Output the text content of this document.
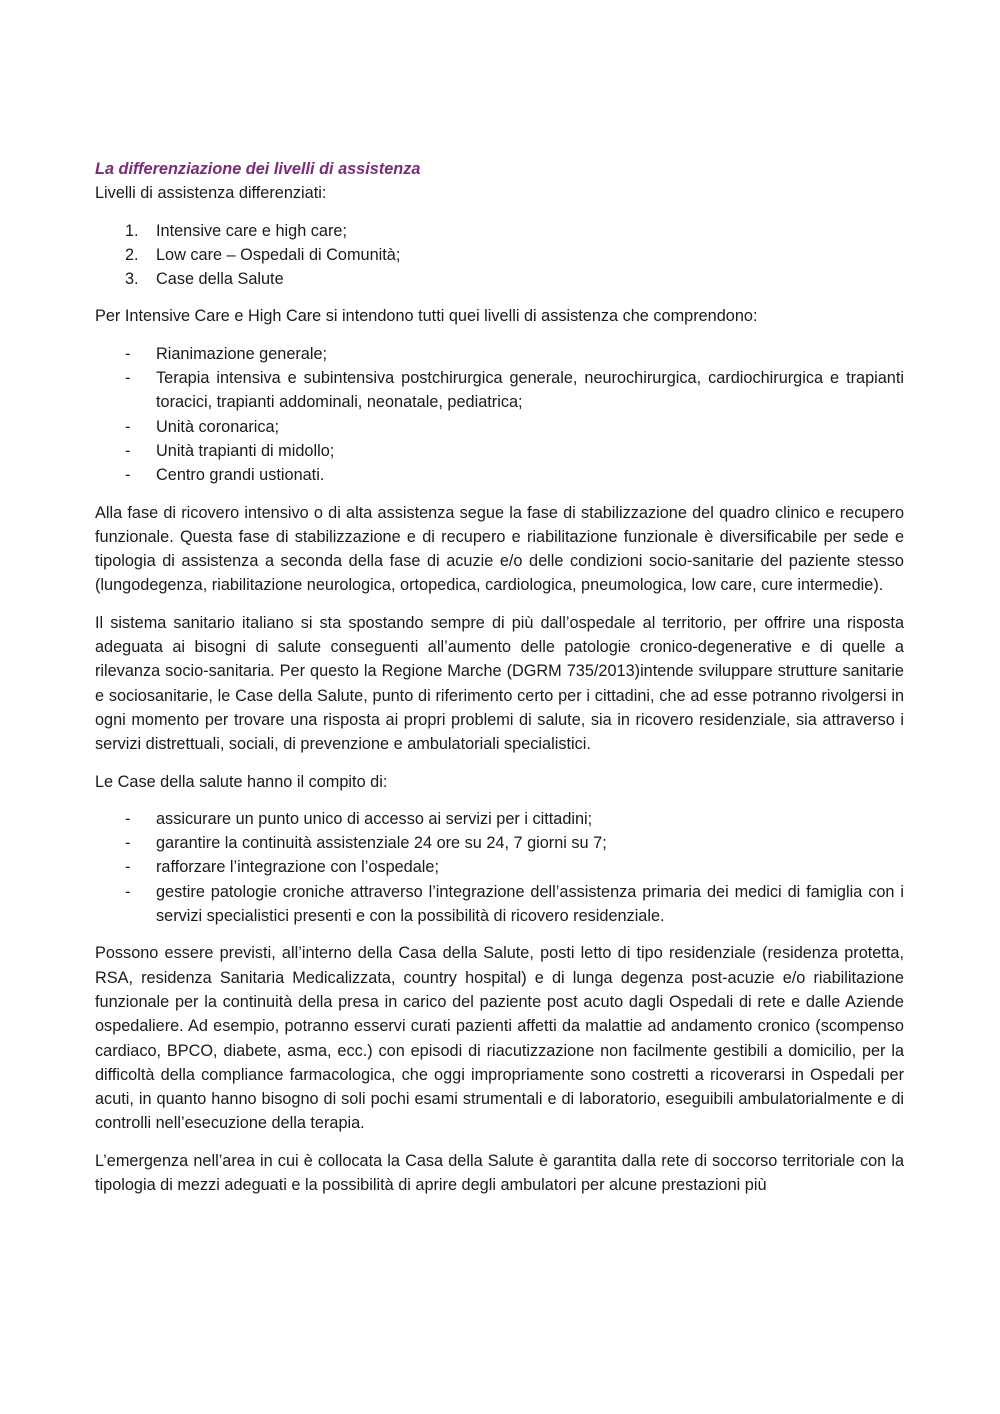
La differenziazione dei livelli di assistenza

Livelli di assistenza differenziati:

1. Intensive care e high care;
2. Low care – Ospedali di Comunità;
3. Case della Salute

Per Intensive Care e High Care si intendono tutti quei livelli di assistenza che comprendono:

- Rianimazione generale;
- Terapia intensiva e subintensiva postchirurgica generale, neurochirurgica, cardiochirurgica e trapianti toracici, trapianti addominali, neonatale, pediatrica;
- Unità coronarica;
- Unità trapianti di midollo;
- Centro grandi ustionati.

Alla fase di ricovero intensivo o di alta assistenza segue la fase di stabilizzazione del quadro clinico e recupero funzionale. Questa fase di stabilizzazione e di recupero e riabilitazione funzionale è diversificabile per sede e tipologia di assistenza a seconda della fase di acuzie e/o delle condizioni socio-sanitarie del paziente stesso (lungodegenza, riabilitazione neurologica, ortopedica, cardiologica, pneumologica, low care, cure intermedie).

Il sistema sanitario italiano si sta spostando sempre di più dall’ospedale al territorio, per offrire una risposta adeguata ai bisogni di salute conseguenti all’aumento delle patologie cronico-degenerative e di quelle a rilevanza socio-sanitaria. Per questo la Regione Marche (DGRM 735/2013)intende sviluppare strutture sanitarie e sociosanitarie, le Case della Salute, punto di riferimento certo per i cittadini, che ad esse potranno rivolgersi in ogni momento per trovare una risposta ai propri problemi di salute, sia in ricovero residenziale, sia attraverso i servizi distrettuali, sociali, di prevenzione e ambulatoriali specialistici.

Le Case della salute hanno il compito di:

- assicurare un punto unico di accesso ai servizi per i cittadini;
- garantire la continuità assistenziale 24 ore su 24, 7 giorni su 7;
- rafforzare l’integrazione con l’ospedale;
- gestire patologie croniche attraverso l’integrazione dell’assistenza primaria dei medici di famiglia con i servizi specialistici presenti e con la possibilità di ricovero residenziale.

Possono essere previsti, all’interno della Casa della Salute, posti letto di tipo residenziale (residenza protetta, RSA, residenza Sanitaria Medicalizzata, country hospital) e di lunga degenza post-acuzie e/o riabilitazione funzionale per la continuità della presa in carico del paziente post acuto dagli Ospedali di rete e dalle Aziende ospedaliere. Ad esempio, potranno esservi curati pazienti affetti da malattie ad andamento cronico (scompenso cardiaco, BPCO, diabete, asma, ecc.) con episodi di riacutizzazione non facilmente gestibili a domicilio, per la difficoltà della compliance farmacologica, che oggi impropriamente sono costretti a ricoverarsi in Ospedali per acuti, in quanto hanno bisogno di soli pochi esami strumentali e di laboratorio, eseguibili ambulatorialmente e di controlli nell’esecuzione della terapia.

L’emergenza nell’area in cui è collocata la Casa della Salute è garantita dalla rete di soccorso territoriale con la tipologia di mezzi adeguati e la possibilità di aprire degli ambulatori per alcune prestazioni più
